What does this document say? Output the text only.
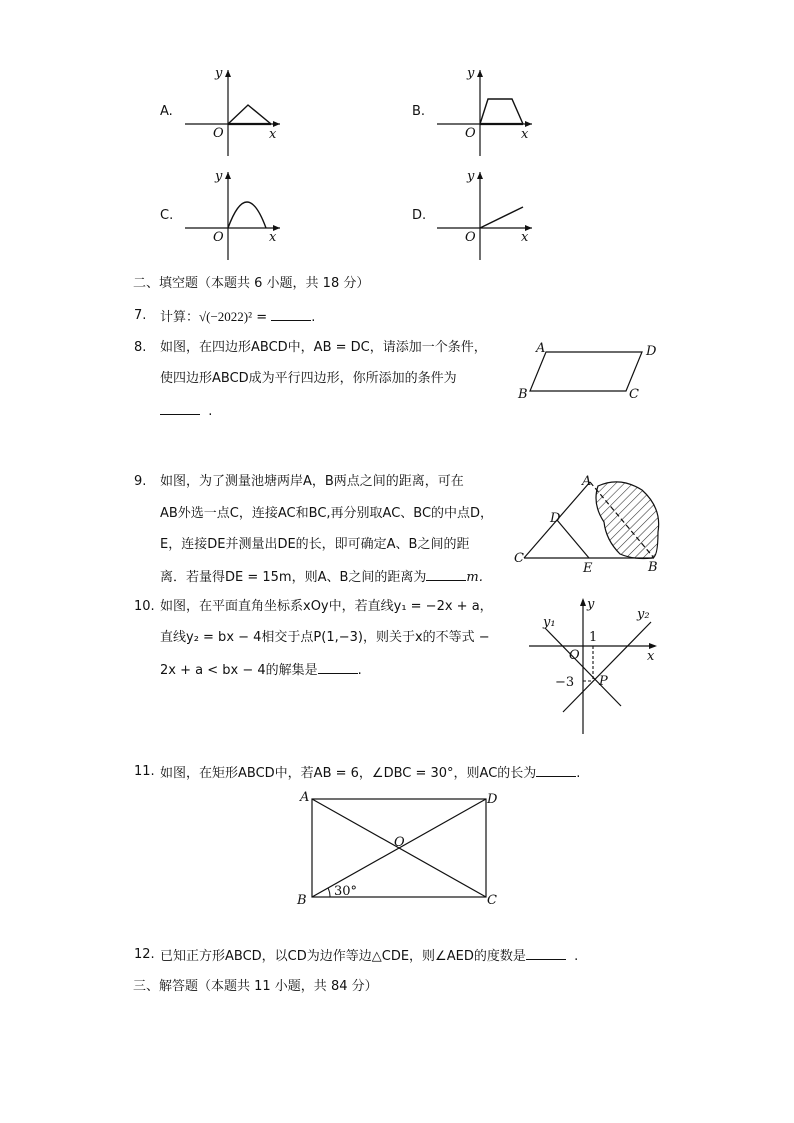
A.
y
O	x
B.
y
O	x
C.
y
O	x
D.
y
O	x
二、填空题（本题共 6 小题，共 18 分）
7. 计算：√(−2022)² =	.
8. 如图，在四边形ABCD中，AB = DC，请添加一个条件，
使四边形ABCD成为平行四边形，你所添加的条件为
.
A	D
B	C
9. 如图，为了测量池塘两岸A，B两点之间的距离，可在
AB外选一点C，连接AC和BC,再分别取AC、BC的中点D，
E，连接DE并测量出DE的长，即可确定A、B之间的距
离．若量得DE = 15m，则A、B之间的距离为	m.
A
D
C
E	B
10. 如图，在平面直角坐标系xOy中，若直线y₁ = −2x + a，
直线y₂ = bx − 4相交于点P(1,−3)，则关于x的不等式 −
2x + a < bx − 4的解集是	.
y
y₁
y₂
1
O	x
−3 P
11. 如图，在矩形ABCD中，若AB = 6，∠DBC = 30°，则AC的长为	.
A	D
O
B	C
30°
12. 已知正方形ABCD，以CD为边作等边△CDE，则∠AED的度数是	.
三、解答题（本题共 11 小题，共 84 分）
